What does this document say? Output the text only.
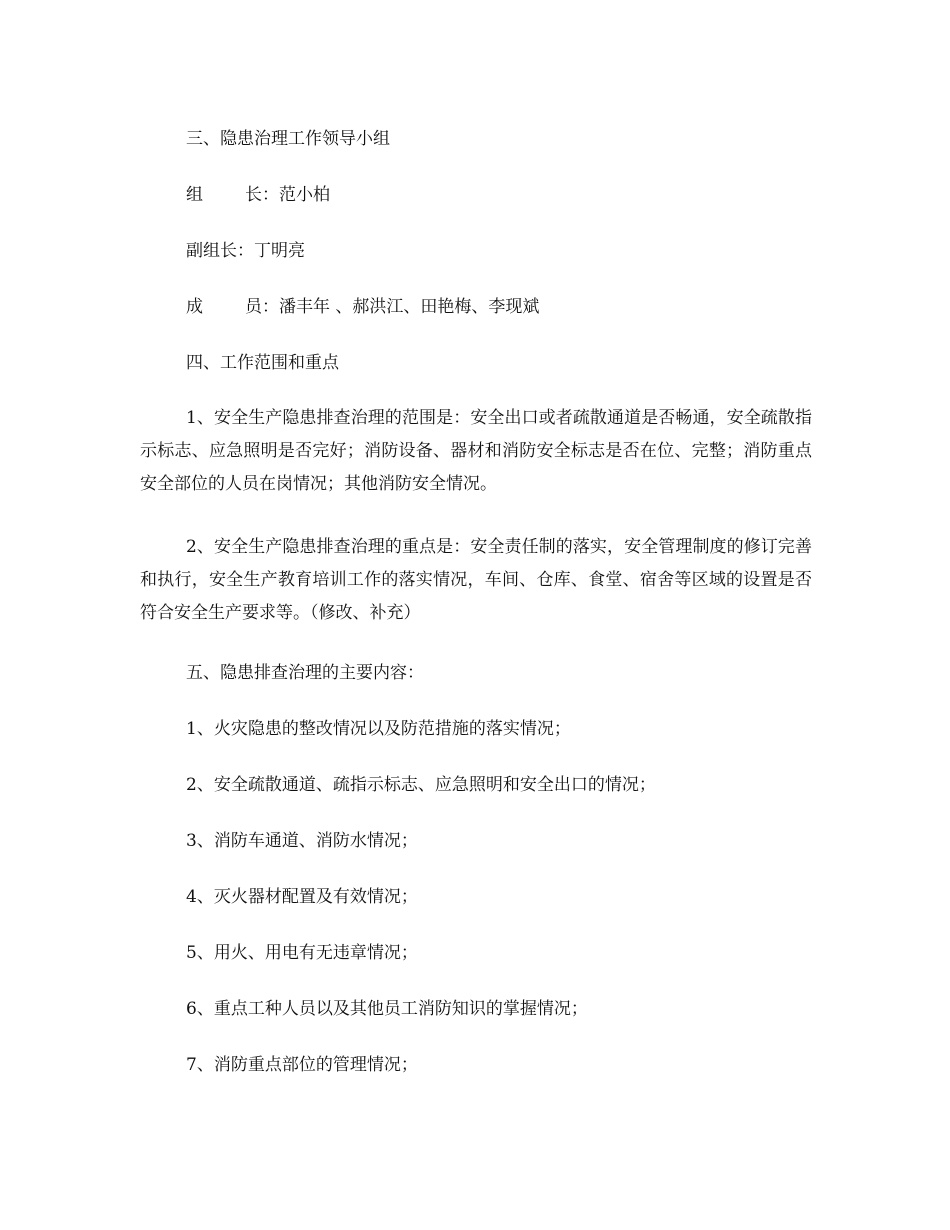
三、隐患治理工作领导小组

组 长：范小柏

副组长：丁明亮

成 员：潘丰年 、郝洪江、田艳梅、李现斌

四、工作范围和重点

1、安全生产隐患排查治理的范围是：安全出口或者疏散通道是否畅通，安全疏散指示标志、应急照明是否完好；消防设备、器材和消防安全标志是否在位、完整；消防重点安全部位的人员在岗情况；其他消防安全情况。

2、安全生产隐患排查治理的重点是：安全责任制的落实，安全管理制度的修订完善和执行，安全生产教育培训工作的落实情况，车间、仓库、食堂、宿舍等区域的设置是否符合安全生产要求等。（修改、补充）

五、隐患排查治理的主要内容：

1、火灾隐患的整改情况以及防范措施的落实情况；

2、安全疏散通道、疏指示标志、应急照明和安全出口的情况；

3、消防车通道、消防水情况；

4、灭火器材配置及有效情况；

5、用火、用电有无违章情况；

6、重点工种人员以及其他员工消防知识的掌握情况；

7、消防重点部位的管理情况；
